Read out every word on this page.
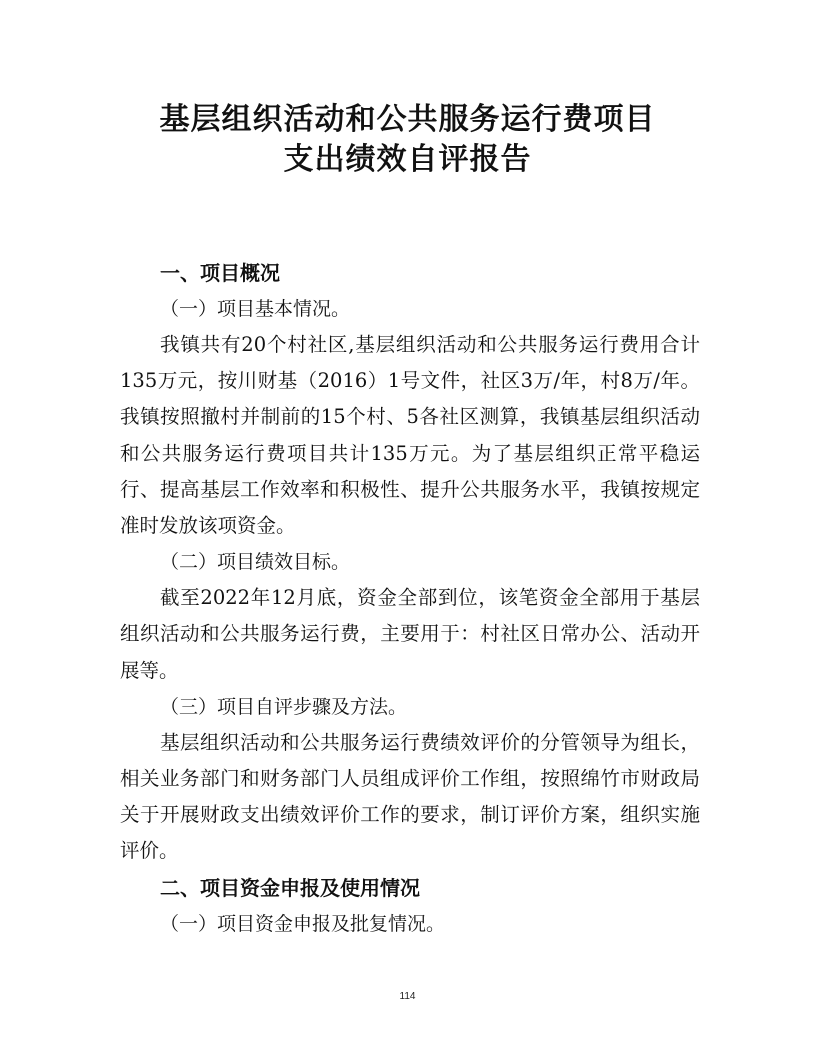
基层组织活动和公共服务运行费项目
支出绩效自评报告

一、项目概况

（一）项目基本情况。

我镇共有20个村社区,基层组织活动和公共服务运行费用合计135万元，按川财基（2016）1号文件，社区3万/年，村8万/年。我镇按照撤村并制前的15个村、5各社区测算，我镇基层组织活动和公共服务运行费项目共计135万元。为了基层组织正常平稳运行、提高基层工作效率和积极性、提升公共服务水平，我镇按规定准时发放该项资金。

（二）项目绩效目标。

截至2022年12月底，资金全部到位，该笔资金全部用于基层组织活动和公共服务运行费，主要用于：村社区日常办公、活动开展等。

（三）项目自评步骤及方法。

基层组织活动和公共服务运行费绩效评价的分管领导为组长，相关业务部门和财务部门人员组成评价工作组，按照绵竹市财政局关于开展财政支出绩效评价工作的要求，制订评价方案，组织实施评价。

二、项目资金申报及使用情况

（一）项目资金申报及批复情况。

114
